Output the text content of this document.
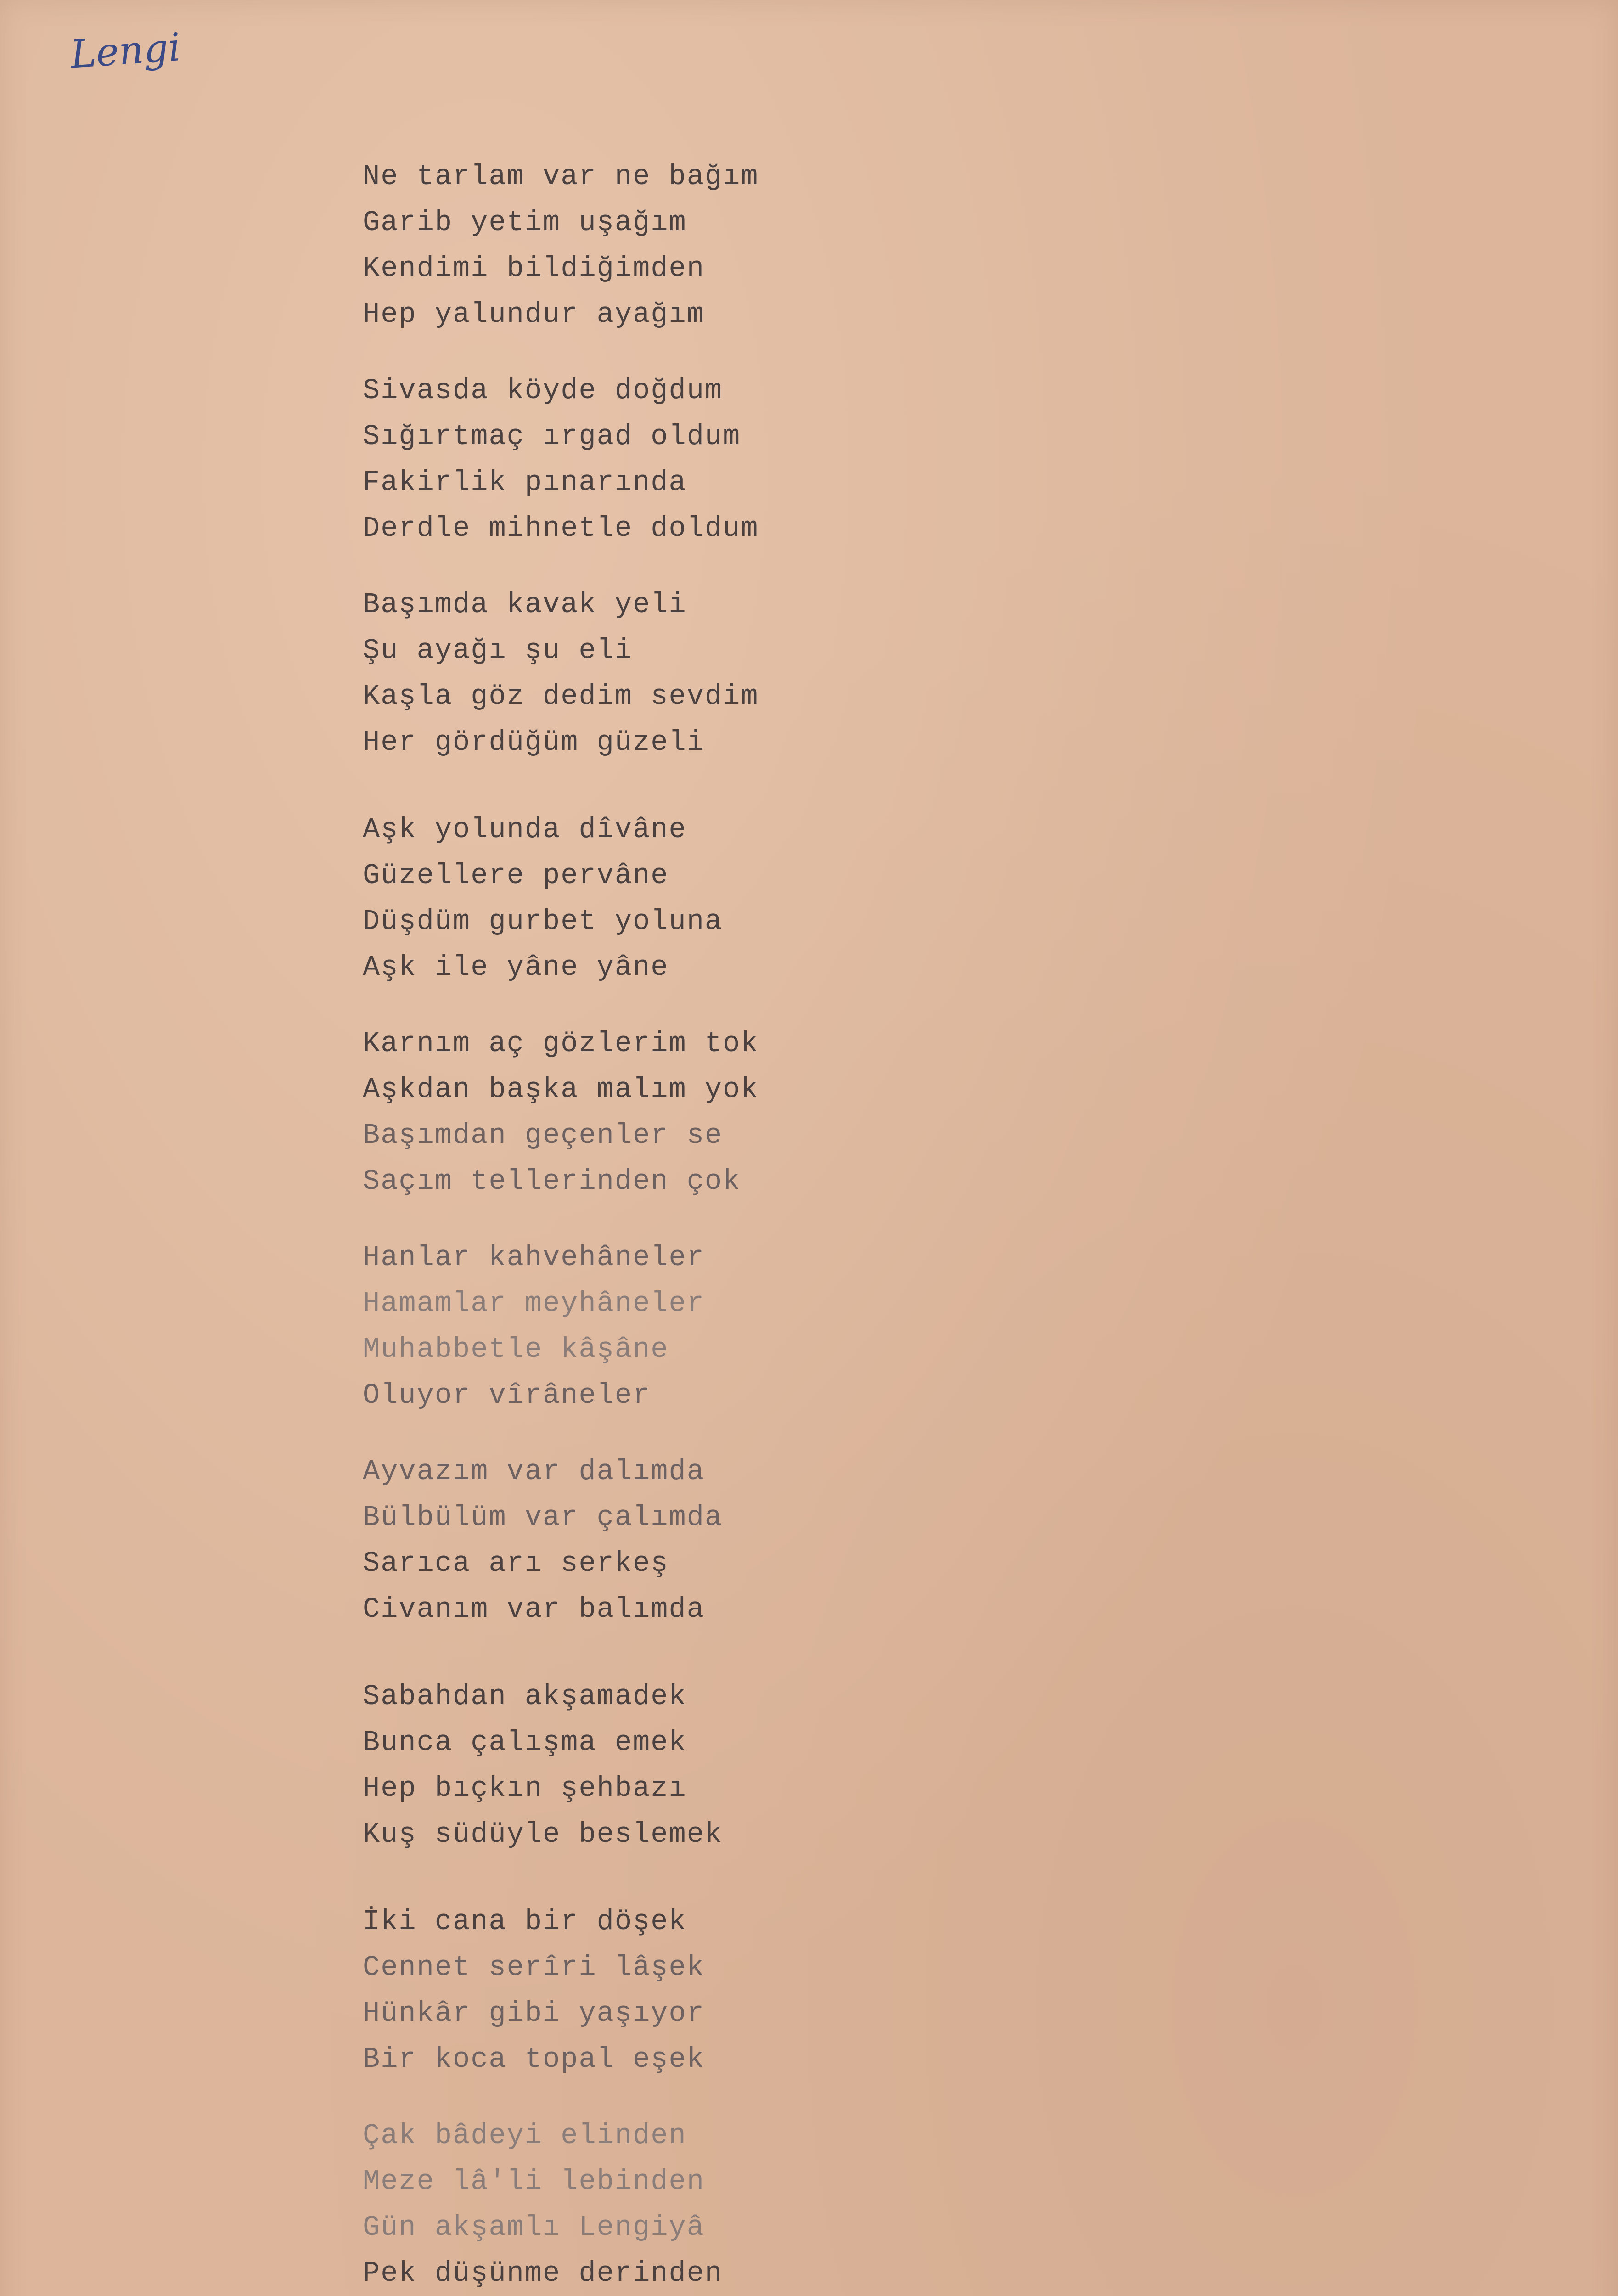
Lengi
Ne tarlam var ne bağım
Garib yetim uşağım
Kendimi bildiğimden
Hep yalundur ayağım
Sivasda köyde doğdum
Sığırtmaç ırgad oldum
Fakirlik pınarında
Derdle mihnetle doldum
Başımda kavak yeli
Şu ayağı şu eli
Kaşla göz dedim sevdim
Her gördüğüm güzeli
Aşk yolunda dîvâne
Güzellere pervâne
Düşdüm gurbet yoluna
Aşk ile yâne yâne
Karnım aç gözlerim tok
Aşkdan başka malım yok
Başımdan geçenler se
Saçım tellerinden çok
Hanlar kahvehâneler
Hamamlar meyhâneler
Muhabbetle kâşâne
Oluyor vîrâneler
Ayvazım var dalımda
Bülbülüm var çalımda
Sarıca arı serkeş
Civanım var balımda
Sabahdan akşamadek
Bunca çalışma emek
Hep bıçkın şehbazı
Kuş südüyle beslemek
İki cana bir döşek
Cennet serîri lâşek
Hünkâr gibi yaşıyor
Bir koca topal eşek
Çak bâdeyi elinden
Meze lâ'li lebinden
Gün akşamlı Lengiyâ
Pek düşünme derinden
